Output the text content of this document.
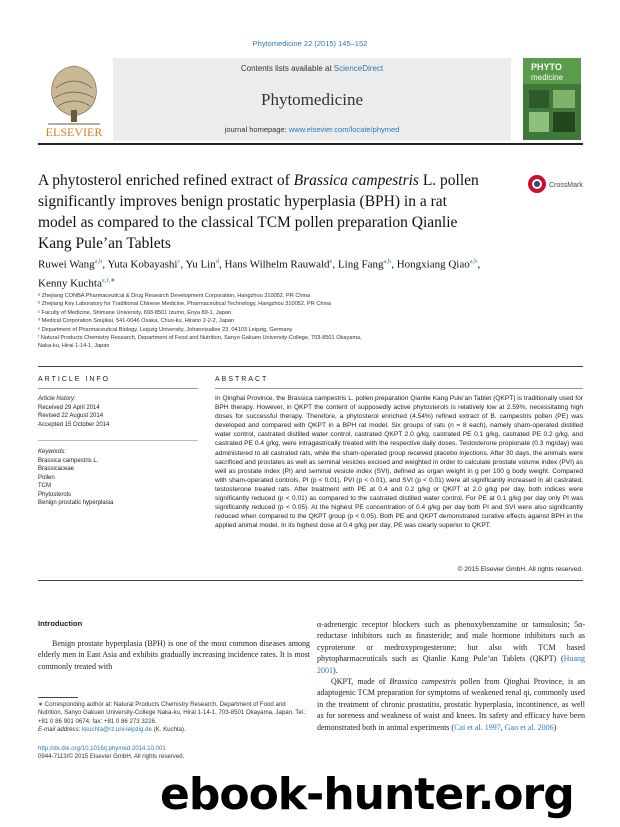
Phytomedicine 22 (2015) 145–152
Contents lists available at ScienceDirect
Phytomedicine
journal homepage: www.elsevier.com/locate/phymed
ELSEVIER
PHYTO
medicine
A phytosterol enriched refined extract of Brassica campestris L. pollen significantly improves benign prostatic hyperplasia (BPH) in a rat model as compared to the classical TCM pollen preparation Qianlie Kang Pule’an Tablets
CrossMark
Ruwei Wang$^{a,b}$, Yuta Kobayashi$^c$, Yu Lin$^d$, Hans Wilhelm Rauwald$^e$, Ling Fang$^{a,b}$, Hongxiang Qiao$^{a,b}$, Kenny Kuchta$^{e,f,∗}$
ᵃ Zhejiang CONBA Pharmaceutical & Drug Research Development Corporation, Hangzhou 310052, PR China
ᵇ Zhejiang Key Laboratory for Traditional Chinese Medicine, Pharmaceutical Technology, Hangzhou 310052, PR China
ᶜ Faculty of Medicine, Shimane University, 693-8501 Izumo, Enya 89-1, Japan
ᵈ Medical Corporation Soujikai, 541-0046 Osaka, Chuo-ku, Hirano 2-2-2, Japan
ᵉ Department of Pharmaceutical Biology, Leipzig University, Johannisallee 23, 04103 Leipzig, Germany
ᶠ Natural Products Chemistry Research, Department of Food and Nutrition, Sanyo Gakuen University-College, 703-8501 Okayama,
Naka-ku, Hirai 1-14-1, Japan
ARTICLE INFO	ABSTRACT
Article history:
Received 29 April 2014
Revised 22 August 2014
Accepted 15 October 2014
Keywords:
Brassica campestris L.
Brassicaceae
Pollen
TCM
Phytosterols
Benign prostatic hyperplasia
In Qinghai Province, the Brassica campestris L. pollen preparation Qianlie Kang Pule’an Tablet (QKPT) is traditionally used for BPH therapy. However, in QKPT the content of supposedly active phytosterols is relatively low at 2.59%, necessitating high doses for successful therapy. Therefore, a phytosterol enriched (4.54%) refined extract of B. campestris pollen (PE) was developed and compared with QKPT in a BPH rat model. Six groups of rats (n = 8 each), namely sham-operated distilled water control, castrated distilled water control, castrated QKPT 2.0 g/kg, castrated PE 0.1 g/kg, castrated PE 0.2 g/kg, and castrated PE 0.4 g/kg, were intragastrically treated with the respective daily doses. Testosterone propionate (0.3 mg/day) was administered to all castrated rats, while the sham-operated group received placebo injections. After 30 days, the animals were sacrificed and prostates as well as seminal vesicles excised and weighted in order to calculate prostate volume index (PVI) as well as prostate index (PI) and seminal vesicle index (SVI), defined as organ weight in g per 100 g body weight. Compared with sham-operated controls, PI (p < 0.01), PVI (p < 0.01), and SVI (p < 0.01) were all significantly increased in all castrated, testosterone treated rats. After treatment with PE at 0.4 and 0.2 g/kg or QKPT at 2.0 g/kg per day, both indices were significantly reduced (p < 0.01) as compared to the castrated distilled water control. For PE at 0.1 g/kg per day only PI was significantly reduced (p < 0.05). At the highest PE concentration of 0.4 g/kg per day both PI and SVI were also significantly reduced when compared to the QKPT group (p < 0.05). Both PE and QKPT demonstrated curative effects against BPH in the applied animal model. In its highest dose at 0.4 g/kg per day, PE was clearly superior to QKPT.
© 2015 Elsevier GmbH. All rights reserved.
Introduction

Benign prostate hyperplasia (BPH) is one of the most common diseases among elderly men in East Asia and exhibits gradually increasing incidence rates. It is most commonly treated with

α-adrenergic receptor blockers such as phenoxybenzamine or tamsulosin; 5α-reductase inhibitors such as finasteride; and male hormone inhibitors such as cyproterone or medroxyprogesterone; but also with TCM based phytopharmaceuticals such as Qianlie Kang Pule’an Tablets (QKPT) (Huang 2001).

QKPT, made of Brassica campestris pollen from Qinghai Province, is an adaptogenic TCM preparation for symptoms of weakened renal qi, commonly used in the treatment of chronic prostatitis, prostatic hyperplasia, incontinence, as well as for soreness and weakness of waist and knees. Its safety and efficacy have been demonstrated both in animal experiments (Cai et al. 1997, Gao et al. 2006)

∗ Corresponding author at: Natural Products Chemistry Research, Department of Food and Nutrition, Sanyo Gakuen University-College Naka-ku, Hirai 1-14-1, 703-8501 Okayama, Japan. Tel.: +81 0 86 901 0674; fax: +81 0 86 273 3226.
E-mail address: kkuchta@rz.uni-leipzig.de (K. Kuchta).
http://dx.doi.org/10.1016/j.phymed.2014.10.001
0944-7113/© 2015 Elsevier GmbH. All rights reserved.
ebook-hunter.org
